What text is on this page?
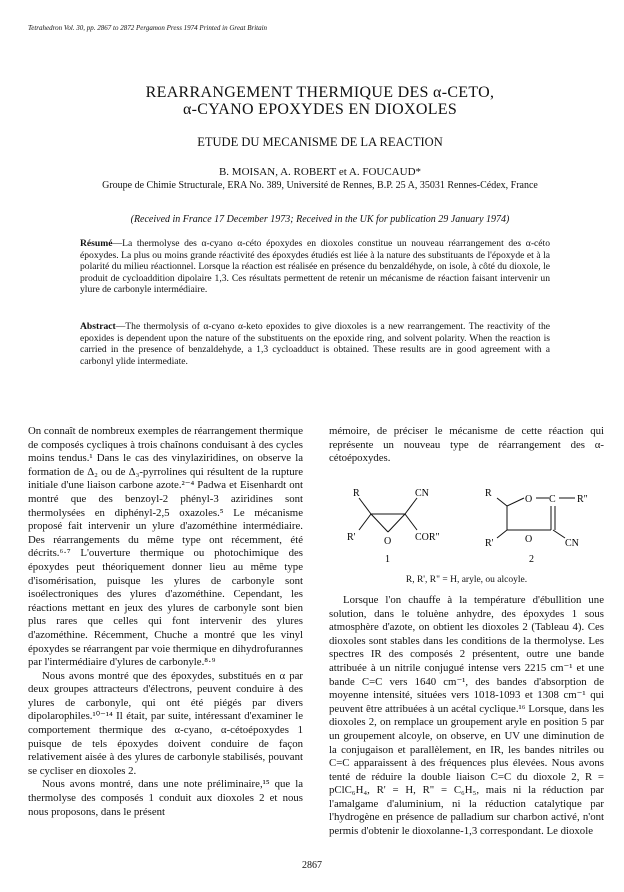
Tetrahedron Vol. 30, pp. 2867 to 2872 Pergamon Press 1974 Printed in Great Britain
REARRANGEMENT THERMIQUE DES α-CETO,
α-CYANO EPOXYDES EN DIOXOLES
ETUDE DU MECANISME DE LA REACTION
B. MOISAN, A. ROBERT et A. FOUCAUD*
Groupe de Chimie Structurale, ERA No. 389, Université de Rennes, B.P. 25 A, 35031 Rennes-Cédex, France
(Received in France 17 December 1973; Received in the UK for publication 29 January 1974)
Résumé—La thermolyse des α-cyano α-céto époxydes en dioxoles constitue un nouveau réarrangement des α-céto époxydes. La plus ou moins grande réactivité des époxydes étudiés est liée à la nature des substituants de l'époxyde et à la polarité du milieu réactionnel. Lorsque la réaction est réalisée en présence du benzaldéhyde, on isole, à côté du dioxole, le produit de cycloaddition dipolaire 1,3. Ces résultats permettent de retenir un mécanisme de réaction faisant intervenir un ylure de carbonyle intermédiaire.
Abstract—The thermolysis of α-cyano α-keto epoxides to give dioxoles is a new rearrangement. The reactivity of the epoxides is dependent upon the nature of the substituents on the epoxide ring, and solvent polarity. When the reaction is carried in the presence of benzaldehyde, a 1,3 cycloadduct is obtained. These results are in good agreement with a carbonyl ylide intermediate.

On connaît de nombreux exemples de réarrangement thermique de composés cycliques à trois chaînons conduisant à des cycles moins tendus.¹ Dans le cas des vinylaziridines, on observe la formation de Δ₂ ou de Δ₃-pyrrolines qui résultent de la rupture initiale d'une liaison carbone azote.²⁻⁴ Padwa et Eisenhardt ont montré que des benzoyl-2 phényl-3 aziridines sont thermolysées en diphényl-2,5 oxazoles.⁵ Le mécanisme proposé fait intervenir un ylure d'azométhine intermédiaire. Des réarrangements du même type ont récemment, été décrits.⁶·⁷ L'ouverture thermique ou photochimique des époxydes peut théoriquement donner lieu au même type d'isomérisation, puisque les ylures de carbonyle sont isoélectroniques des ylures d'azométhine. Cependant, les réactions mettant en jeux des ylures de carbonyle sont bien plus rares que celles qui font intervenir des ylures d'azométhine. Récemment, Chuche a montré que les vinyl époxydes se réarrangent par voie thermique en dihydrofurannes par l'intermédiaire d'ylures de carbonyle.⁸·⁹

Nous avons montré que des époxydes, substitués en α par deux groupes attracteurs d'électrons, peuvent conduire à des ylures de carbonyle, qui ont été piégés par divers dipolarophiles.¹⁰⁻¹⁴ Il était, par suite, intéressant d'examiner le comportement thermique des α-cyano, α-cétoépoxydes 1 puisque de tels époxydes doivent conduire de façon relativement aisée à des ylures de carbonyle stabilisés, pouvant se cycliser en dioxoles 2.

Nous avons montré, dans une note préliminaire,¹⁵ que la thermolyse des composés 1 conduit aux dioxoles 2 et nous nous proposons, dans le présent

mémoire, de préciser le mécanisme de cette réaction qui représente un nouveau type de réarrangement des α-cétoépoxydes.

R	CN
R'	O COR"
1
R
O C R"
R'	CN
O
2
R, R', R" = H, aryle, ou alcoyle.

Lorsque l'on chauffe à la température d'ébullition une solution, dans le toluène anhydre, des époxydes 1 sous atmosphère d'azote, on obtient les dioxoles 2 (Tableau 4). Ces dioxoles sont stables dans les conditions de la thermolyse. Les spectres IR des composés 2 présentent, outre une bande attribuée à un nitrile conjugué intense vers 2215 cm⁻¹ et une bande C=C vers 1640 cm⁻¹, des bandes d'absorption de moyenne intensité, situées vers 1018-1093 et 1308 cm⁻¹ qui peuvent être attribuées à un acétal cyclique.¹⁶ Lorsque, dans les dioxoles 2, on remplace un groupement aryle en position 5 par un groupement alcoyle, on observe, en UV une diminution de la conjugaison et parallèlement, en IR, les bandes nitriles ou C=C apparaissent à des fréquences plus élevées. Nous avons tenté de réduire la double liaison C=C du dioxole 2, R = pClC₆H₄, R' = H, R" = C₆H₅, mais ni la réduction par l'amalgame d'aluminium, ni la réduction catalytique par l'hydrogène en présence de palladium sur charbon activé, n'ont permis d'obtenir le dioxolanne-1,3 correspondant. Le dioxole

2867
